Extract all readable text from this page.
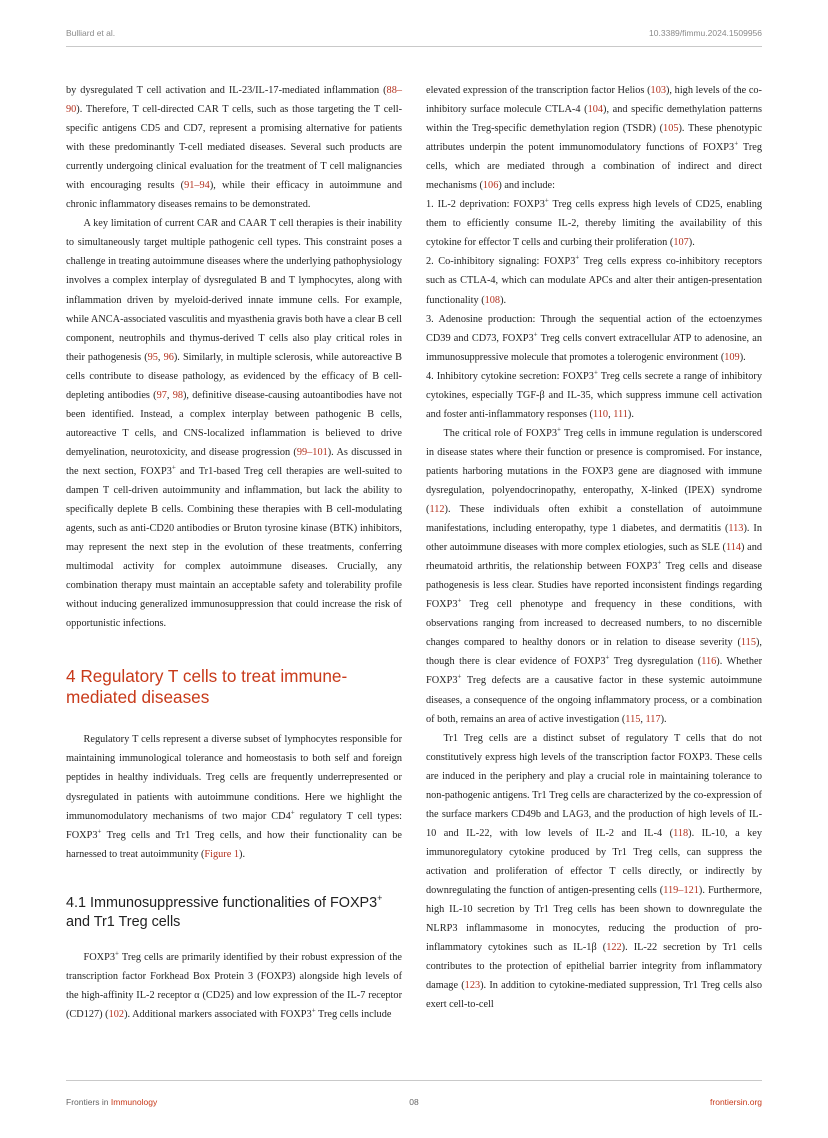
Bulliard et al.	10.3389/fimmu.2024.1509956

by dysregulated T cell activation and IL-23/IL-17-mediated inflammation (88–90). Therefore, T cell-directed CAR T cells, such as those targeting the T cell-specific antigens CD5 and CD7, represent a promising alternative for patients with these predominantly T-cell mediated diseases. Several such products are currently undergoing clinical evaluation for the treatment of T cell malignancies with encouraging results (91–94), while their efficacy in autoimmune and chronic inflammatory diseases remains to be demonstrated.

A key limitation of current CAR and CAAR T cell therapies is their inability to simultaneously target multiple pathogenic cell types. This constraint poses a challenge in treating autoimmune diseases where the underlying pathophysiology involves a complex interplay of dysregulated B and T lymphocytes, along with inflammation driven by myeloid-derived innate immune cells. For example, while ANCA-associated vasculitis and myasthenia gravis both have a clear B cell component, neutrophils and thymus-derived T cells also play critical roles in their pathogenesis (95, 96). Similarly, in multiple sclerosis, while autoreactive B cells contribute to disease pathology, as evidenced by the efficacy of B cell-depleting antibodies (97, 98), definitive disease-causing autoantibodies have not been identified. Instead, a complex interplay between pathogenic B cells, autoreactive T cells, and CNS-localized inflammation is believed to drive demyelination, neurotoxicity, and disease progression (99–101). As discussed in the next section, FOXP3+ and Tr1-based Treg cell therapies are well-suited to dampen T cell-driven autoimmunity and inflammation, but lack the ability to specifically deplete B cells. Combining these therapies with B cell-modulating agents, such as anti-CD20 antibodies or Bruton tyrosine kinase (BTK) inhibitors, may represent the next step in the evolution of these treatments, conferring multimodal activity for complex autoimmune diseases. Crucially, any combination therapy must maintain an acceptable safety and tolerability profile without inducing generalized immunosuppression that could increase the risk of opportunistic infections.

4 Regulatory T cells to treat immune-mediated diseases

Regulatory T cells represent a diverse subset of lymphocytes responsible for maintaining immunological tolerance and homeostasis to both self and foreign peptides in healthy individuals. Treg cells are frequently underrepresented or dysregulated in patients with autoimmune conditions. Here we highlight the immunomodulatory mechanisms of two major CD4+ regulatory T cell types: FOXP3+ Treg cells and Tr1 Treg cells, and how their functionality can be harnessed to treat autoimmunity (Figure 1).

4.1 Immunosuppressive functionalities of FOXP3+ and Tr1 Treg cells

FOXP3+ Treg cells are primarily identified by their robust expression of the transcription factor Forkhead Box Protein 3 (FOXP3) alongside high levels of the high-affinity IL-2 receptor α (CD25) and low expression of the IL-7 receptor (CD127) (102). Additional markers associated with FOXP3+ Treg cells include

elevated expression of the transcription factor Helios (103), high levels of the co-inhibitory surface molecule CTLA-4 (104), and specific demethylation patterns within the Treg-specific demethylation region (TSDR) (105). These phenotypic attributes underpin the potent immunomodulatory functions of FOXP3+ Treg cells, which are mediated through a combination of indirect and direct mechanisms (106) and include:

1. IL-2 deprivation: FOXP3+ Treg cells express high levels of CD25, enabling them to efficiently consume IL-2, thereby limiting the availability of this cytokine for effector T cells and curbing their proliferation (107).

2. Co-inhibitory signaling: FOXP3+ Treg cells express co-inhibitory receptors such as CTLA-4, which can modulate APCs and alter their antigen-presentation functionality (108).

3. Adenosine production: Through the sequential action of the ectoenzymes CD39 and CD73, FOXP3+ Treg cells convert extracellular ATP to adenosine, an immunosuppressive molecule that promotes a tolerogenic environment (109).

4. Inhibitory cytokine secretion: FOXP3+ Treg cells secrete a range of inhibitory cytokines, especially TGF-β and IL-35, which suppress immune cell activation and foster anti-inflammatory responses (110, 111).

The critical role of FOXP3+ Treg cells in immune regulation is underscored in disease states where their function or presence is compromised. For instance, patients harboring mutations in the FOXP3 gene are diagnosed with immune dysregulation, polyendocrinopathy, enteropathy, X-linked (IPEX) syndrome (112). These individuals often exhibit a constellation of autoimmune manifestations, including enteropathy, type 1 diabetes, and dermatitis (113). In other autoimmune diseases with more complex etiologies, such as SLE (114) and rheumatoid arthritis, the relationship between FOXP3+ Treg cells and disease pathogenesis is less clear. Studies have reported inconsistent findings regarding FOXP3+ Treg cell phenotype and frequency in these conditions, with observations ranging from increased to decreased numbers, to no discernible changes compared to healthy donors or in relation to disease severity (115), though there is clear evidence of FOXP3+ Treg dysregulation (116). Whether FOXP3+ Treg defects are a causative factor in these systemic autoimmune diseases, a consequence of the ongoing inflammatory process, or a combination of both, remains an area of active investigation (115, 117).

Tr1 Treg cells are a distinct subset of regulatory T cells that do not constitutively express high levels of the transcription factor FOXP3. These cells are induced in the periphery and play a crucial role in maintaining tolerance to non-pathogenic antigens. Tr1 Treg cells are characterized by the co-expression of the surface markers CD49b and LAG3, and the production of high levels of IL-10 and IL-22, with low levels of IL-2 and IL-4 (118). IL-10, a key immunoregulatory cytokine produced by Tr1 Treg cells, can suppress the activation and proliferation of effector T cells directly, or indirectly by downregulating the function of antigen-presenting cells (119–121). Furthermore, high IL-10 secretion by Tr1 Treg cells has been shown to downregulate the NLRP3 inflammasome in monocytes, reducing the production of pro-inflammatory cytokines such as IL-1β (122). IL-22 secretion by Tr1 cells contributes to the protection of epithelial barrier integrity from inflammatory damage (123). In addition to cytokine-mediated suppression, Tr1 Treg cells also exert cell-to-cell

Frontiers in Immunology	08	frontiersin.org
